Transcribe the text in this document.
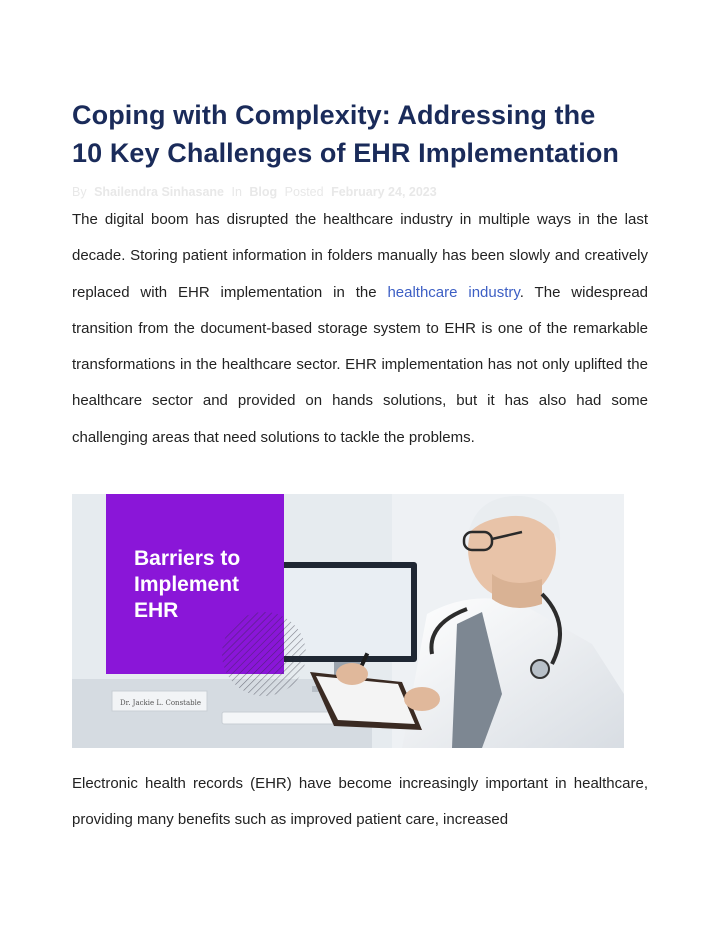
Coping with Complexity: Addressing the
10 Key Challenges of EHR Implementation
By Shailendra Sinhasane In Blog Posted February 24, 2023

The digital boom has disrupted the healthcare industry in multiple ways in the last decade. Storing patient information in folders manually has been slowly and creatively replaced with EHR implementation in the healthcare industry. The widespread transition from the document-based storage system to EHR is one of the remarkable transformations in the healthcare sector. EHR implementation has not only uplifted the healthcare sector and provided on hands solutions, but it has also had some challenging areas that need solutions to tackle the problems.

Dr. Jackie L. Constable
Barriers to
Implement
EHR

Electronic health records (EHR) have become increasingly important in healthcare, providing many benefits such as improved patient care, increased
